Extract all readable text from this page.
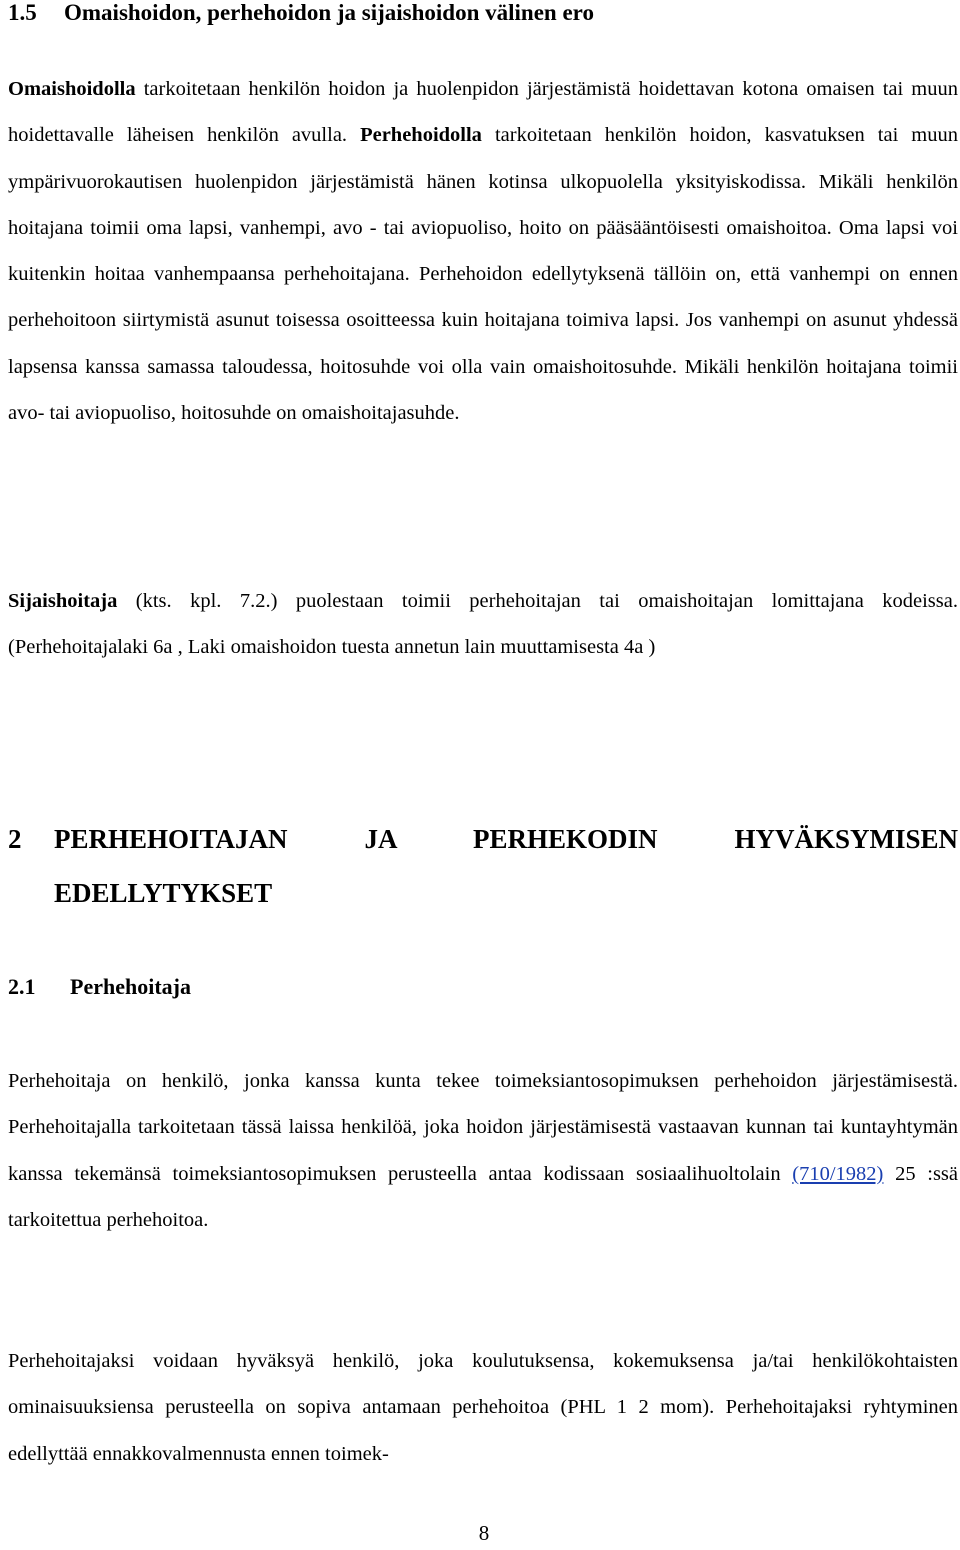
1.5 Omaishoidon, perhehoidon ja sijaishoidon välinen ero

Omaishoidolla tarkoitetaan henkilön hoidon ja huolenpidon järjestämistä hoidettavan kotona omaisen tai muun hoidettavalle läheisen henkilön avulla. Perhehoidolla tarkoitetaan henkilön hoidon, kasvatuksen tai muun ympärivuorokautisen huolenpidon järjestämistä hänen kotinsa ulkopuolella yksityiskodissa. Mikäli henkilön hoitajana toimii oma lapsi, vanhempi, avo - tai aviopuoliso, hoito on pääsääntöisesti omaishoitoa. Oma lapsi voi kuitenkin hoitaa vanhempaansa perhehoitajana. Perhehoidon edellytyksenä tällöin on, että vanhempi on ennen perhehoitoon siirtymistä asunut toisessa osoitteessa kuin hoitajana toimiva lapsi. Jos vanhempi on asunut yhdessä lapsensa kanssa samassa taloudessa, hoitosuhde voi olla vain omaishoitosuhde. Mikäli henkilön hoitajana toimii avo- tai aviopuoliso, hoitosuhde on omaishoitajasuhde.

Sijaishoitaja (kts. kpl. 7.2.) puolestaan toimii perhehoitajan tai omaishoitajan lomittajana kodeissa. (Perhehoitajalaki 6a , Laki omaishoidon tuesta annetun lain muuttamisesta 4a )

2 PERHEHOITAJAN JA PERHEKODIN HYVÄKSYMISEN EDELLYTYKSET
2.1 Perhehoitaja

Perhehoitaja on henkilö, jonka kanssa kunta tekee toimeksiantosopimuksen perhehoidon järjestämisestä. Perhehoitajalla tarkoitetaan tässä laissa henkilöä, joka hoidon järjestämisestä vastaavan kunnan tai kuntayhtymän kanssa tekemänsä toimeksiantosopimuksen perusteella antaa kodissaan sosiaalihuoltolain (710/1982) 25 :ssä tarkoitettua perhehoitoa.

Perhehoitajaksi voidaan hyväksyä henkilö, joka koulutuksensa, kokemuksensa ja/tai henkilökohtaisten ominaisuuksiensa perusteella on sopiva antamaan perhehoitoa (PHL 1 2 mom). Perhehoitajaksi ryhtyminen edellyttää ennakkovalmennusta ennen toimek-

8
